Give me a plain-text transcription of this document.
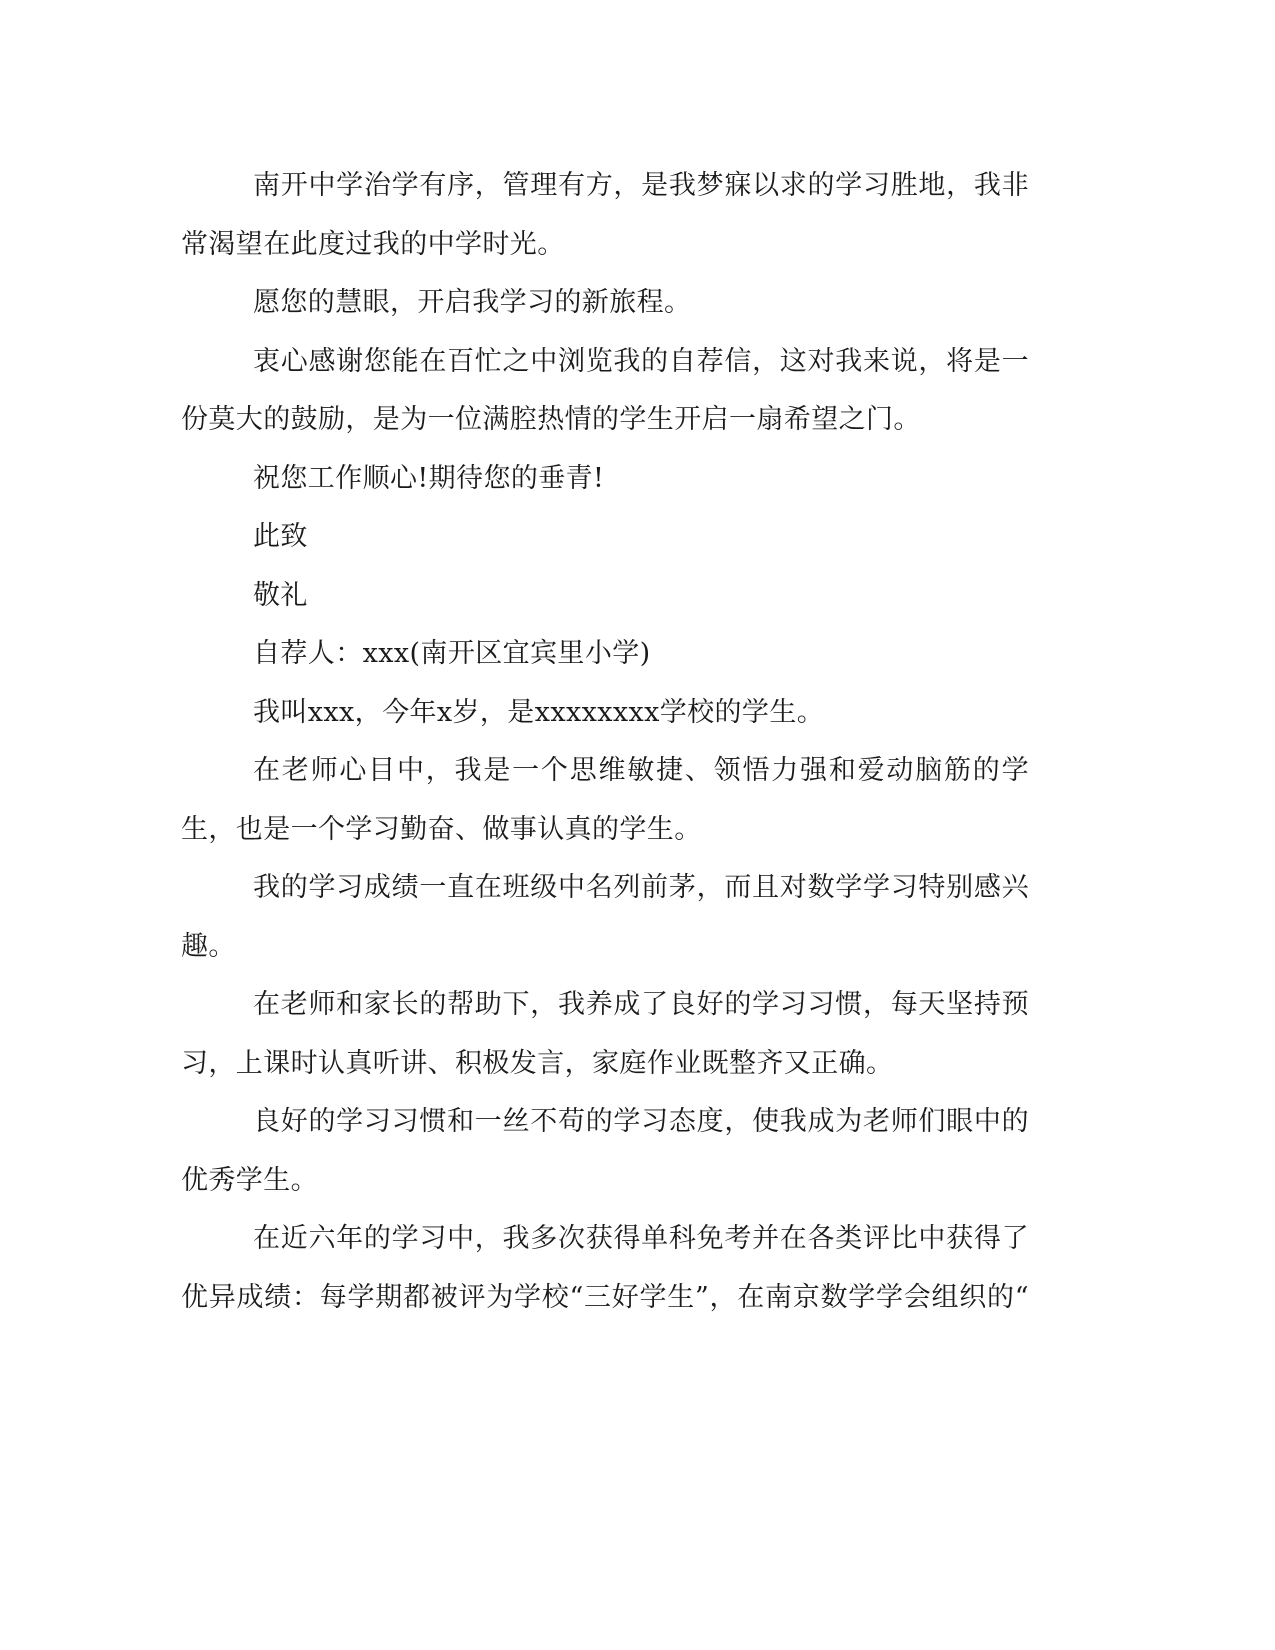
南开中学治学有序，管理有方，是我梦寐以求的学习胜地，我非常渴望在此度过我的中学时光。

愿您的慧眼，开启我学习的新旅程。

衷心感谢您能在百忙之中浏览我的自荐信，这对我来说，将是一份莫大的鼓励，是为一位满腔热情的学生开启一扇希望之门。

祝您工作顺心!期待您的垂青!

此致

敬礼

自荐人：xxx(南开区宜宾里小学)

我叫xxx，今年x岁，是xxxxxxxx学校的学生。

在老师心目中，我是一个思维敏捷、领悟力强和爱动脑筋的学生，也是一个学习勤奋、做事认真的学生。

我的学习成绩一直在班级中名列前茅，而且对数学学习特别感兴趣。

在老师和家长的帮助下，我养成了良好的学习习惯，每天坚持预习，上课时认真听讲、积极发言，家庭作业既整齐又正确。

良好的学习习惯和一丝不苟的学习态度，使我成为老师们眼中的优秀学生。

在近六年的学习中，我多次获得单科免考并在各类评比中获得了优异成绩：每学期都被评为学校“三好学生”，在南京数学学会组织的“
